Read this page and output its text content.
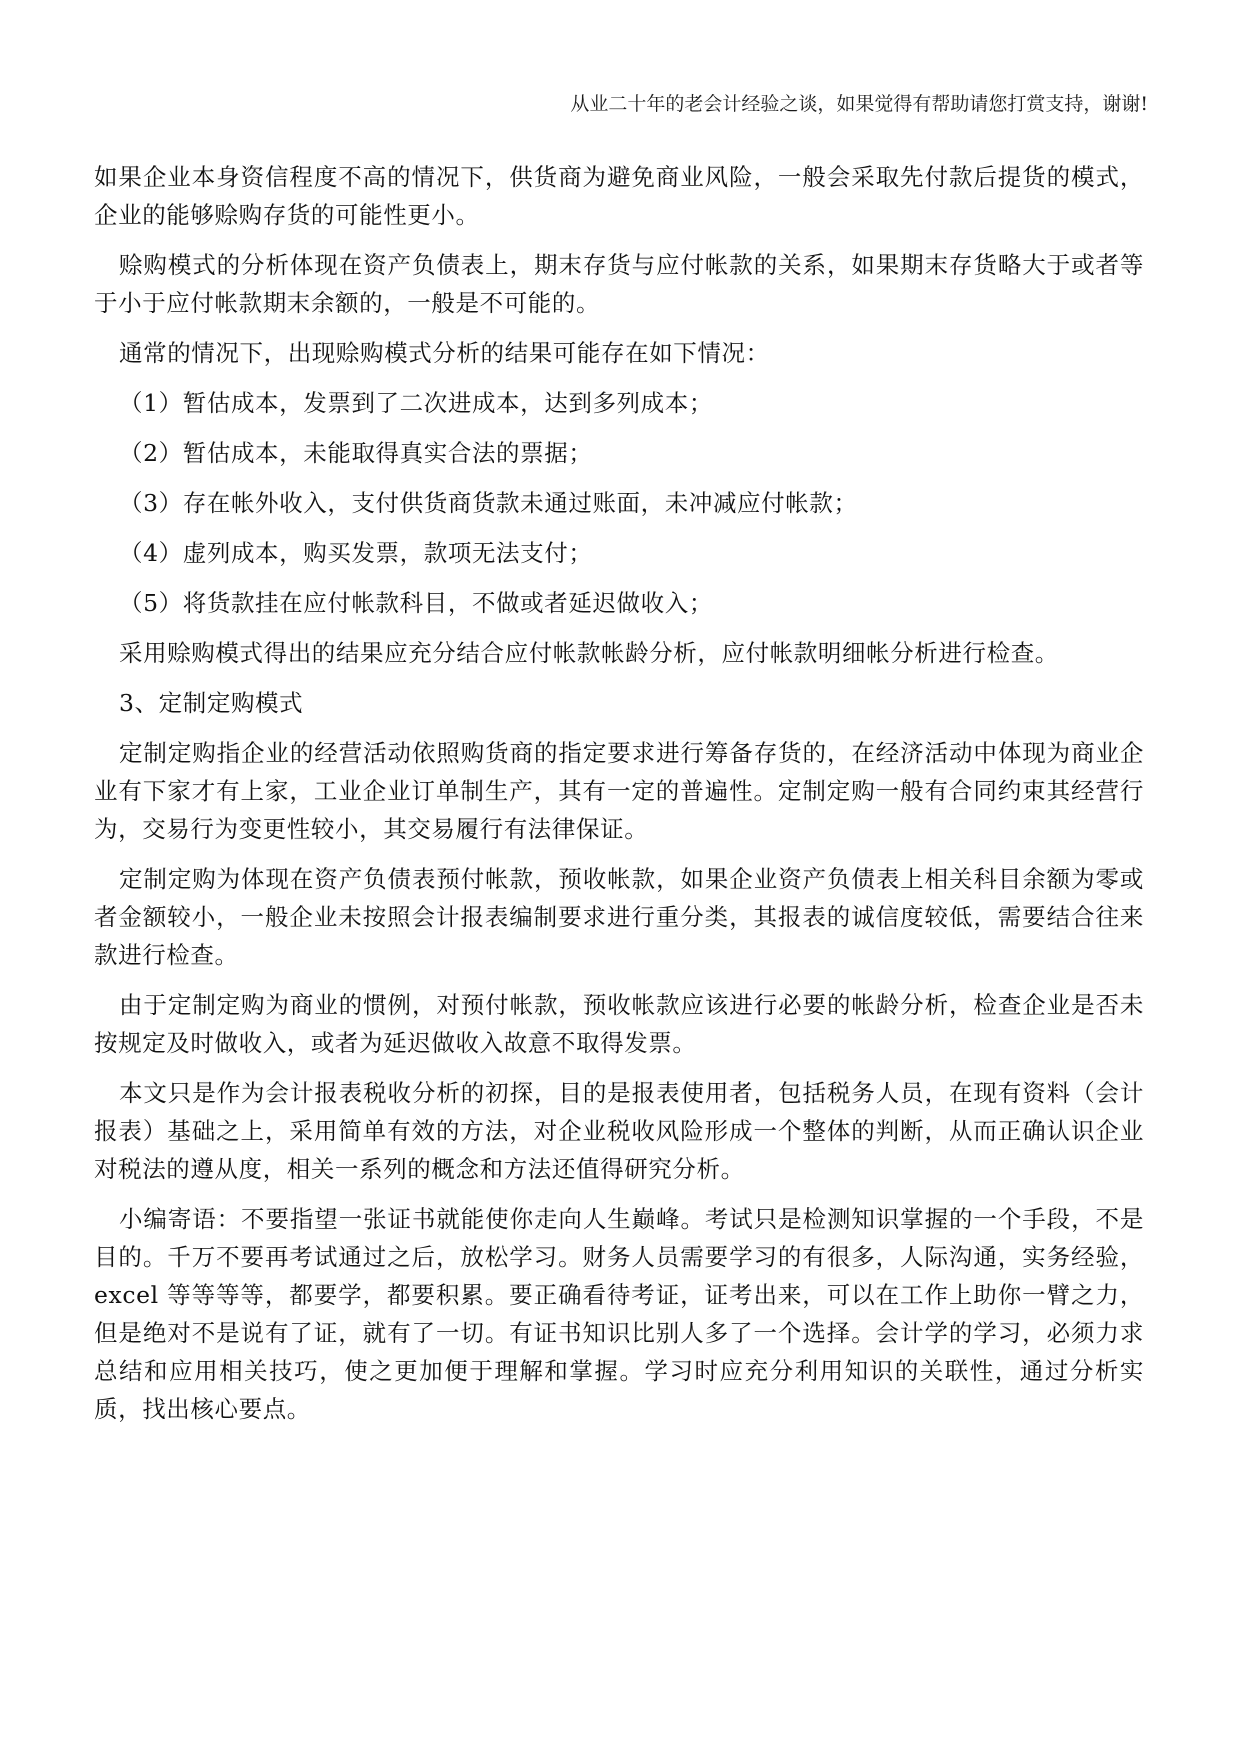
从业二十年的老会计经验之谈，如果觉得有帮助请您打赏支持，谢谢!

如果企业本身资信程度不高的情况下，供货商为避免商业风险，一般会采取先付款后提货的模式，企业的能够赊购存货的可能性更小。

赊购模式的分析体现在资产负债表上，期末存货与应付帐款的关系，如果期末存货略大于或者等于小于应付帐款期末余额的，一般是不可能的。

通常的情况下，出现赊购模式分析的结果可能存在如下情况：

（1）暂估成本，发票到了二次进成本，达到多列成本；

（2）暂估成本，未能取得真实合法的票据；

（3）存在帐外收入，支付供货商货款未通过账面，未冲减应付帐款；

（4）虚列成本，购买发票，款项无法支付；

（5）将货款挂在应付帐款科目，不做或者延迟做收入；

采用赊购模式得出的结果应充分结合应付帐款帐龄分析，应付帐款明细帐分析进行检查。

3、定制定购模式

定制定购指企业的经营活动依照购货商的指定要求进行筹备存货的，在经济活动中体现为商业企业有下家才有上家，工业企业订单制生产，其有一定的普遍性。定制定购一般有合同约束其经营行为，交易行为变更性较小，其交易履行有法律保证。

定制定购为体现在资产负债表预付帐款，预收帐款，如果企业资产负债表上相关科目余额为零或者金额较小，一般企业未按照会计报表编制要求进行重分类，其报表的诚信度较低，需要结合往来款进行检查。

由于定制定购为商业的惯例，对预付帐款，预收帐款应该进行必要的帐龄分析，检查企业是否未按规定及时做收入，或者为延迟做收入故意不取得发票。

本文只是作为会计报表税收分析的初探，目的是报表使用者，包括税务人员，在现有资料（会计报表）基础之上，采用简单有效的方法，对企业税收风险形成一个整体的判断，从而正确认识企业对税法的遵从度，相关一系列的概念和方法还值得研究分析。

小编寄语：不要指望一张证书就能使你走向人生巅峰。考试只是检测知识掌握的一个手段，不是目的。千万不要再考试通过之后，放松学习。财务人员需要学习的有很多，人际沟通，实务经验，excel 等等等等，都要学，都要积累。要正确看待考证，证考出来，可以在工作上助你一臂之力，但是绝对不是说有了证，就有了一切。有证书知识比别人多了一个选择。会计学的学习，必须力求总结和应用相关技巧，使之更加便于理解和掌握。学习时应充分利用知识的关联性，通过分析实质，找出核心要点。
